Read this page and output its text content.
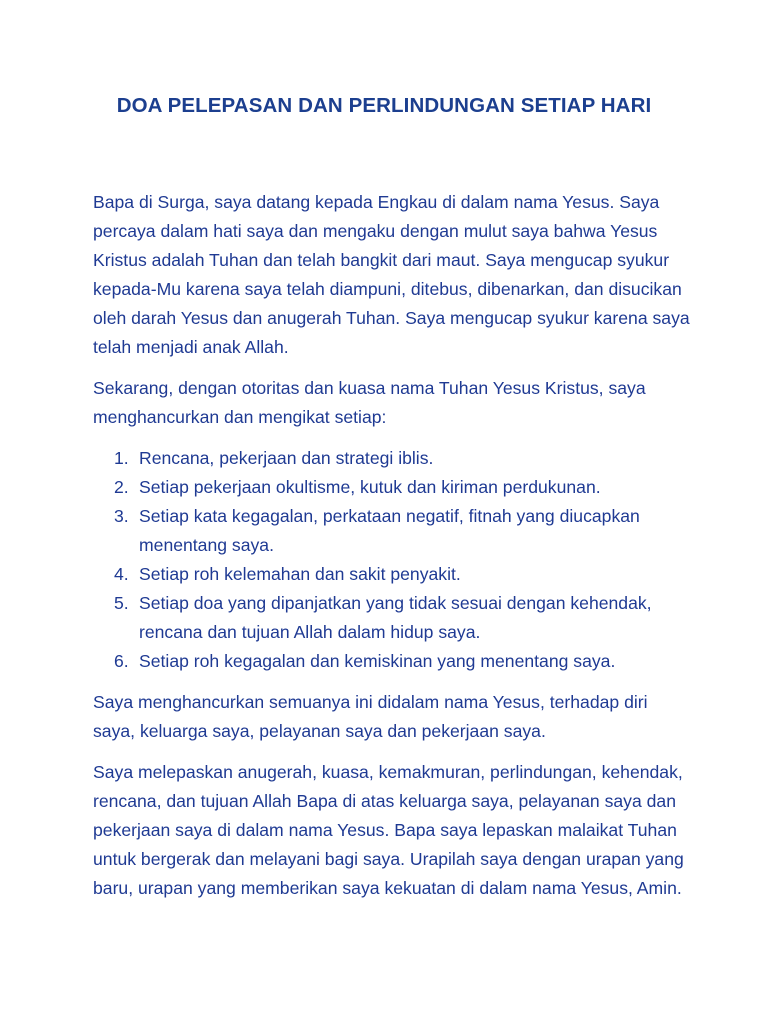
DOA PELEPASAN DAN PERLINDUNGAN SETIAP HARI

Bapa di Surga, saya datang kepada Engkau di dalam nama Yesus. Saya percaya dalam hati saya dan mengaku dengan mulut saya bahwa Yesus Kristus adalah Tuhan dan telah bangkit dari maut. Saya mengucap syukur kepada-Mu karena saya telah diampuni, ditebus, dibenarkan, dan disucikan oleh darah Yesus dan anugerah Tuhan. Saya mengucap syukur karena saya telah menjadi anak Allah.

Sekarang, dengan otoritas dan kuasa nama Tuhan Yesus Kristus, saya menghancurkan dan mengikat setiap:

1. Rencana, pekerjaan dan strategi iblis.
2. Setiap pekerjaan okultisme, kutuk dan kiriman perdukunan.
3. Setiap kata kegagalan, perkataan negatif, fitnah yang diucapkan menentang saya.
4. Setiap roh kelemahan dan sakit penyakit.
5. Setiap doa yang dipanjatkan yang tidak sesuai dengan kehendak, rencana dan tujuan Allah dalam hidup saya.
6. Setiap roh kegagalan dan kemiskinan yang menentang saya.

Saya menghancurkan semuanya ini didalam nama Yesus, terhadap diri saya, keluarga saya, pelayanan saya dan pekerjaan saya.

Saya melepaskan anugerah, kuasa, kemakmuran, perlindungan, kehendak, rencana, dan tujuan Allah Bapa di atas keluarga saya, pelayanan saya dan pekerjaan saya di dalam nama Yesus. Bapa saya lepaskan malaikat Tuhan untuk bergerak dan melayani bagi saya. Urapilah saya dengan urapan yang baru, urapan yang memberikan saya kekuatan di dalam nama Yesus, Amin.
